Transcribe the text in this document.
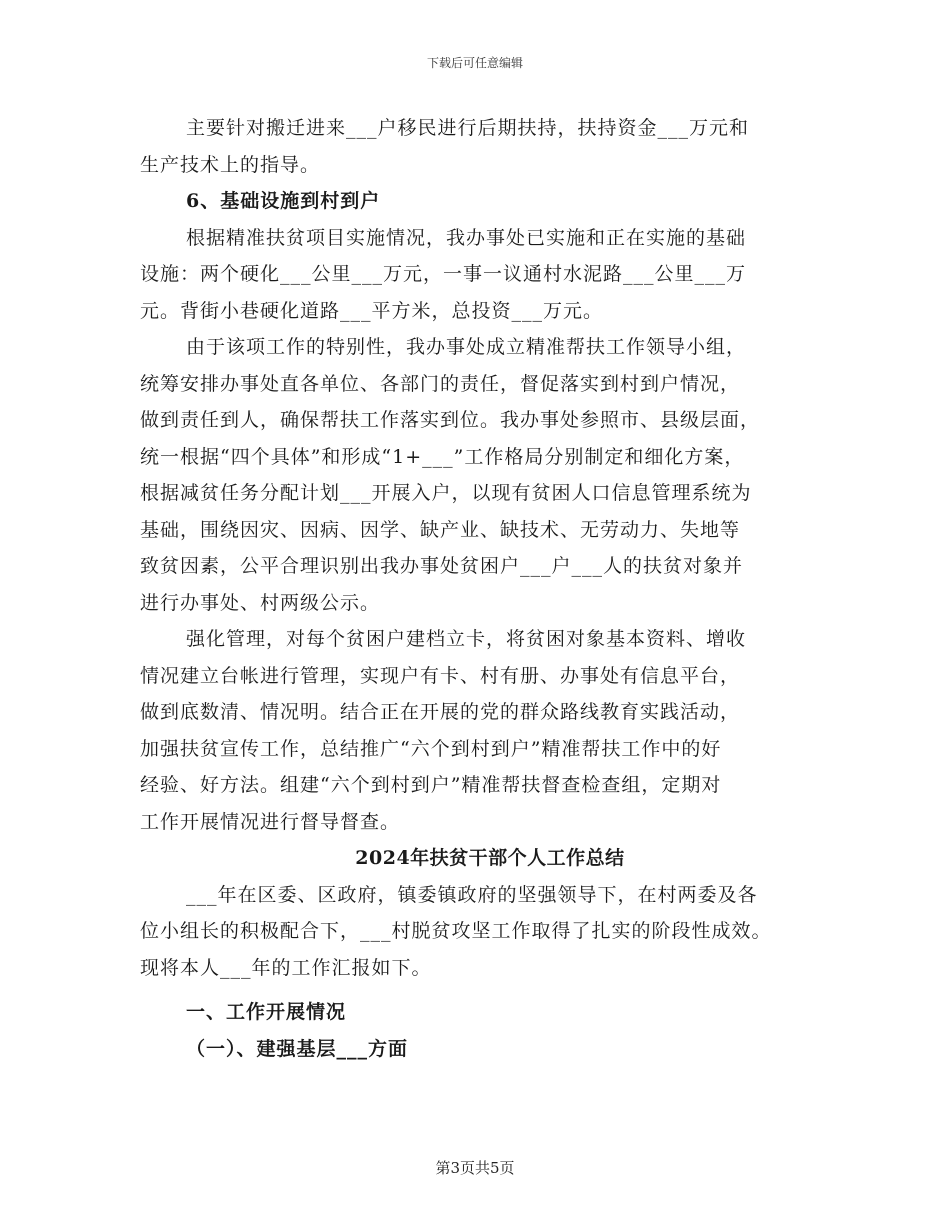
下载后可任意编辑
主要针对搬迁进来___户移民进行后期扶持，扶持资金___万元和
生产技术上的指导。
6、基础设施到村到户
根据精准扶贫项目实施情况，我办事处已实施和正在实施的基础
设施：两个硬化___公里___万元，一事一议通村水泥路___公里___万
元。背街小巷硬化道路___平方米，总投资___万元。
由于该项工作的特别性，我办事处成立精准帮扶工作领导小组，
统筹安排办事处直各单位、各部门的责任，督促落实到村到户情况，
做到责任到人，确保帮扶工作落实到位。我办事处参照市、县级层面，
统一根据“四个具体”和形成“1+___”工作格局分别制定和细化方案，
根据减贫任务分配计划___开展入户，以现有贫困人口信息管理系统为
基础，围绕因灾、因病、因学、缺产业、缺技术、无劳动力、失地等
致贫因素，公平合理识别出我办事处贫困户___户___人的扶贫对象并
进行办事处、村两级公示。
强化管理，对每个贫困户建档立卡，将贫困对象基本资料、增收
情况建立台帐进行管理，实现户有卡、村有册、办事处有信息平台，
做到底数清、情况明。结合正在开展的党的群众路线教育实践活动，
加强扶贫宣传工作，总结推广“六个到村到户”精准帮扶工作中的好
经验、好方法。组建“六个到村到户”精准帮扶督查检查组，定期对
工作开展情况进行督导督查。
2024年扶贫干部个人工作总结
___年在区委、区政府，镇委镇政府的坚强领导下，在村两委及各
位小组长的积极配合下，___村脱贫攻坚工作取得了扎实的阶段性成效。
现将本人___年的工作汇报如下。
一、工作开展情况
（一）、建强基层___方面
第3页共5页
